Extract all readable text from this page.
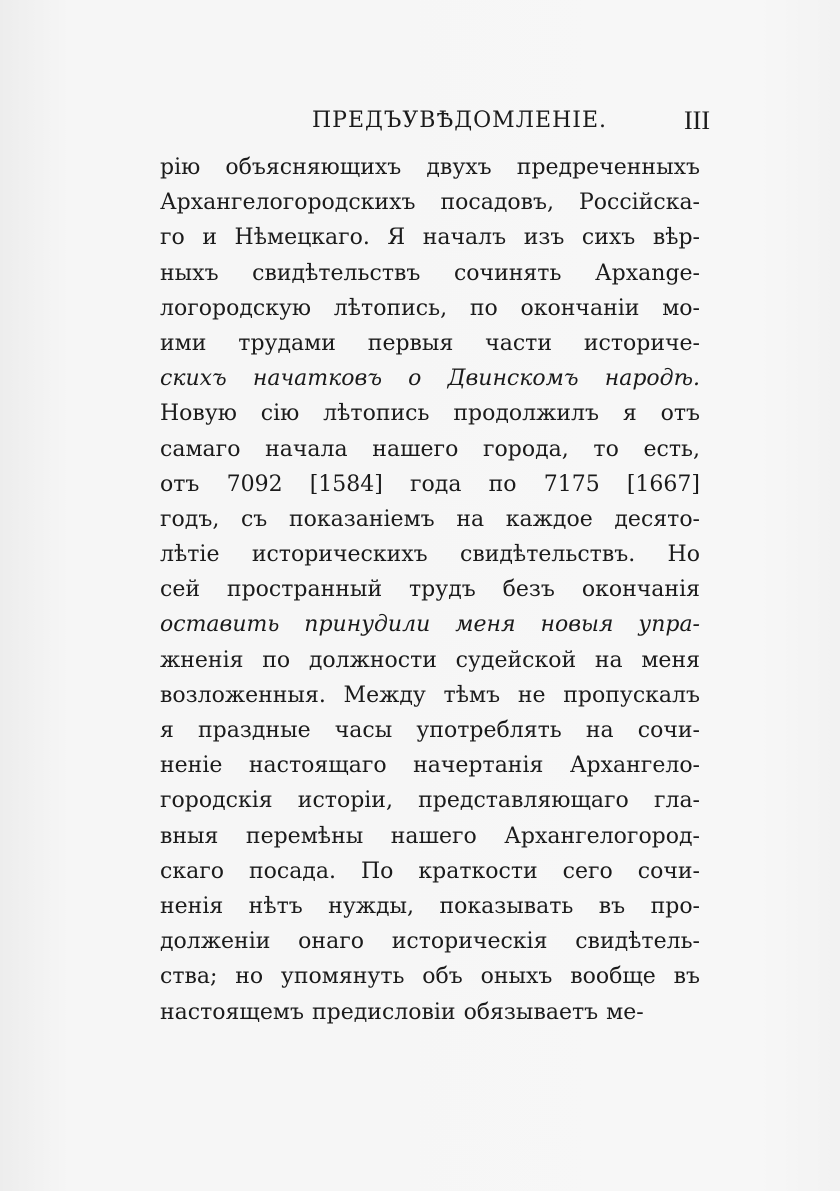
ПРЕДЪУВѢДОМЛЕНІЕ.	III
рію объясняющихъ двухъ предреченныхъ
Архангелогородскихъ посадовъ, Россійска-
го и Нѣмецкаго. Я началъ изъ сихъ вѣр-
ныхъ свидѣтельствъ сочинять Архange-
логородскую лѣтопись, по окончаніи мо-
ими трудами первыя части историче-
скихъ начатковъ о Двинскомъ народѣ.
Новую сію лѣтопись продолжилъ я отъ
самаго начала нашего города, то есть,
отъ 7092 [1584] года по 7175 [1667]
годъ, съ показаніемъ на каждое десято-
лѣтіе историческихъ свидѣтельствъ. Но
сей пространный трудъ безъ окончанія
оставить принудили меня новыя упра-
жненія по должности судейской на меня
возложенныя. Между тѣмъ не пропускалъ
я праздные часы употреблять на сочи-
неніе настоящаго начертанія Архангело-
городскія исторіи, представляющаго гла-
вныя перемѣны нашего Архангелогород-
скаго посада. По краткости сего сочи-
ненія нѣтъ нужды, показывать въ про-
долженіи онаго историческія свидѣтель-
ства; но упомянуть объ оныхъ вообще въ
настоящемъ предисловіи обязываетъ ме-
